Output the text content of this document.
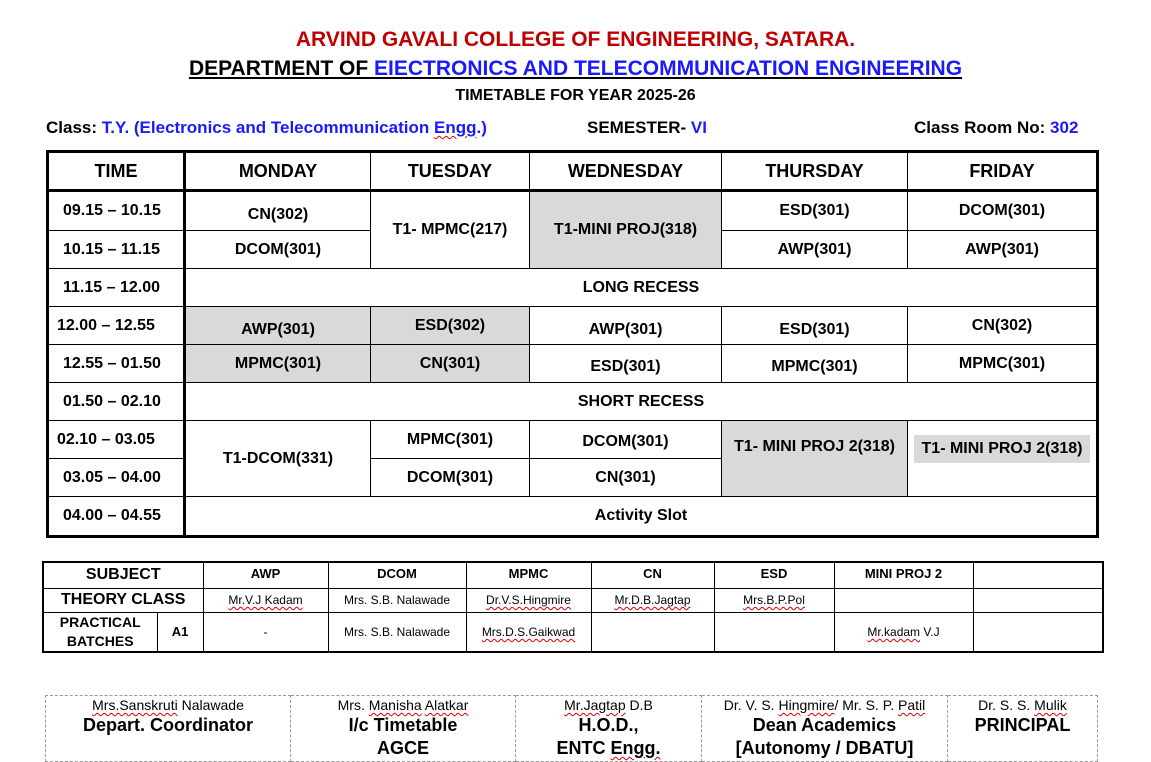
ARVIND GAVALI COLLEGE OF ENGINEERING, SATARA.
DEPARTMENT OF EIECTRONICS AND TELECOMMUNICATION ENGINEERING
TIMETABLE FOR YEAR 2025-26
Class: T.Y. (Electronics and Telecommunication Engg.)	SEMESTER- VI	Class Room No: 302
TIME	MONDAY	TUESDAY	WEDNESDAY	THURSDAY	FRIDAY
09.15 – 10.15	CN(302)	T1- MPMC(217)	T1-MINI PROJ(318)	ESD(301)	DCOM(301)
10.15 – 11.15	DCOM(301)			AWP(301)	AWP(301)
11.15 – 12.00	LONG RECESS				
12.00 – 12.55	AWP(301)	ESD(302)	AWP(301)	ESD(301)	CN(302)
12.55 – 01.50	MPMC(301)	CN(301)	ESD(301)	MPMC(301)	MPMC(301)
01.50 – 02.10	SHORT RECESS				
02.10 – 03.05	T1-DCOM(331)	MPMC(301)	DCOM(301)	T1- MINI PROJ 2(318)	T1- MINI PROJ 2(318)
03.05 – 04.00		DCOM(301)	CN(301)		
04.00 – 04.55	Activity Slot				
SUBJECT		AWP	DCOM	MPMC	CN	ESD	MINI PROJ 2	
THEORY CLASS		Mr.V.J Kadam	Mrs. S.B. Nalawade	Dr.V.S.Hingmire	Mr.D.B.Jagtap	Mrs.B.P.Pol		
PRACTICAL BATCHES	A1	-	Mrs. S.B. Nalawade	Mrs.D.S.Gaikwad			Mr.kadam V.J	
Mrs.Sanskruti Nalawade
Depart. Coordinator

Mrs. Manisha Alatkar
I/c Timetable
AGCE

Mr.Jagtap D.B
H.O.D.,
ENTC Engg.

Dr. V. S. Hingmire/ Mr. S. P. Patil
Dean Academics
[Autonomy / DBATU]

Dr. S. S. Mulik
PRINCIPAL
